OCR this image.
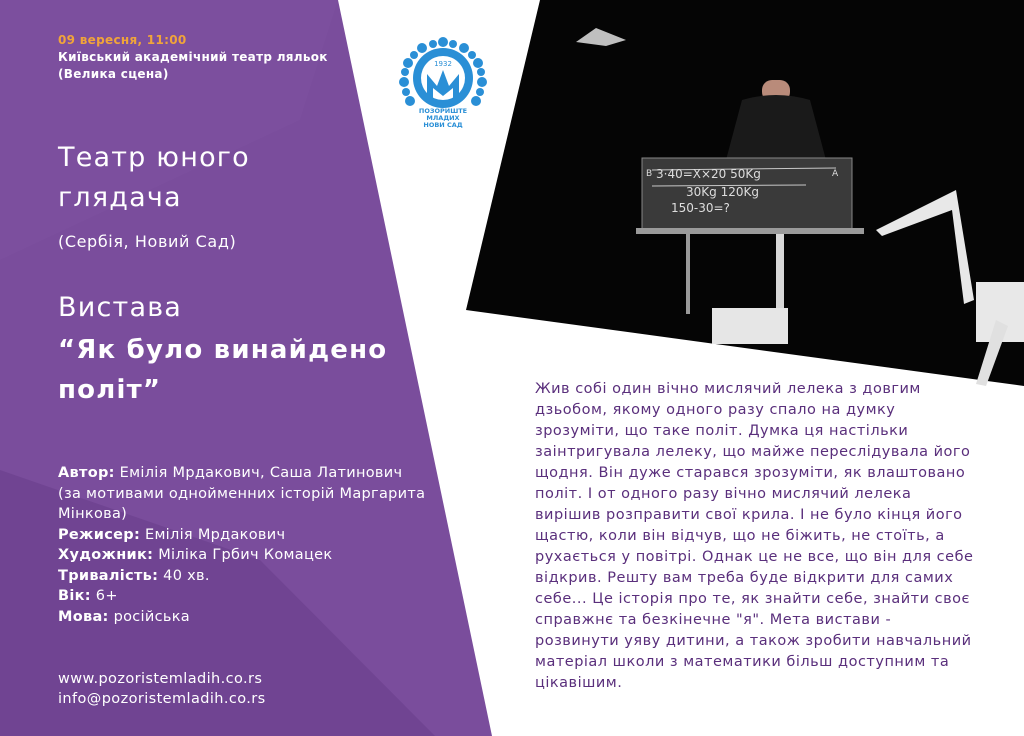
1932
ПОЗОРИШТЕ
МЛАДИХ
НОВИ САД
3·40=X×20 50Kg
30Kg 120Kg
150-30=?
B	A
09 вересня, 11:00
Київський академічний театр ляльок (Велика сцена)
Театр юного глядача
(Сербія, Новий Сад)
Вистава
“Як було винайдено політ”
Автор: Емілія Мрдакович, Саша Латинович (за мотивами однойменних історій Маргарита Мінкова)
Режисер: Емілія Мрдакович
Художник: Міліка Грбич Комацек
Тривалість: 40 хв.
Вік: 6+
Мова: російська
www.pozoristemladih.co.rs
info@pozoristemladih.co.rs
Жив собі один вічно мислячий лелека з довгим дзьобом, якому одного разу спало на думку зрозуміти, що таке політ. Думка ця настільки заінтригувала лелеку, що майже переслідувала його щодня. Він дуже старався зрозуміти, як влаштовано політ. І от одного разу вічно мислячий лелека вирішив розправити свої крила. І не було кінця його щастю, коли він відчув, що не біжить, не стоїть, а рухається у повітрі. Однак це не все, що він для себе відкрив. Решту вам треба буде відкрити для самих себе... Це історія про те, як знайти себе, знайти своє справжнє та безкінечне "я". Мета вистави - розвинути уяву дитини, а також зробити навчальний матеріал школи з математики більш доступним та цікавішим.
